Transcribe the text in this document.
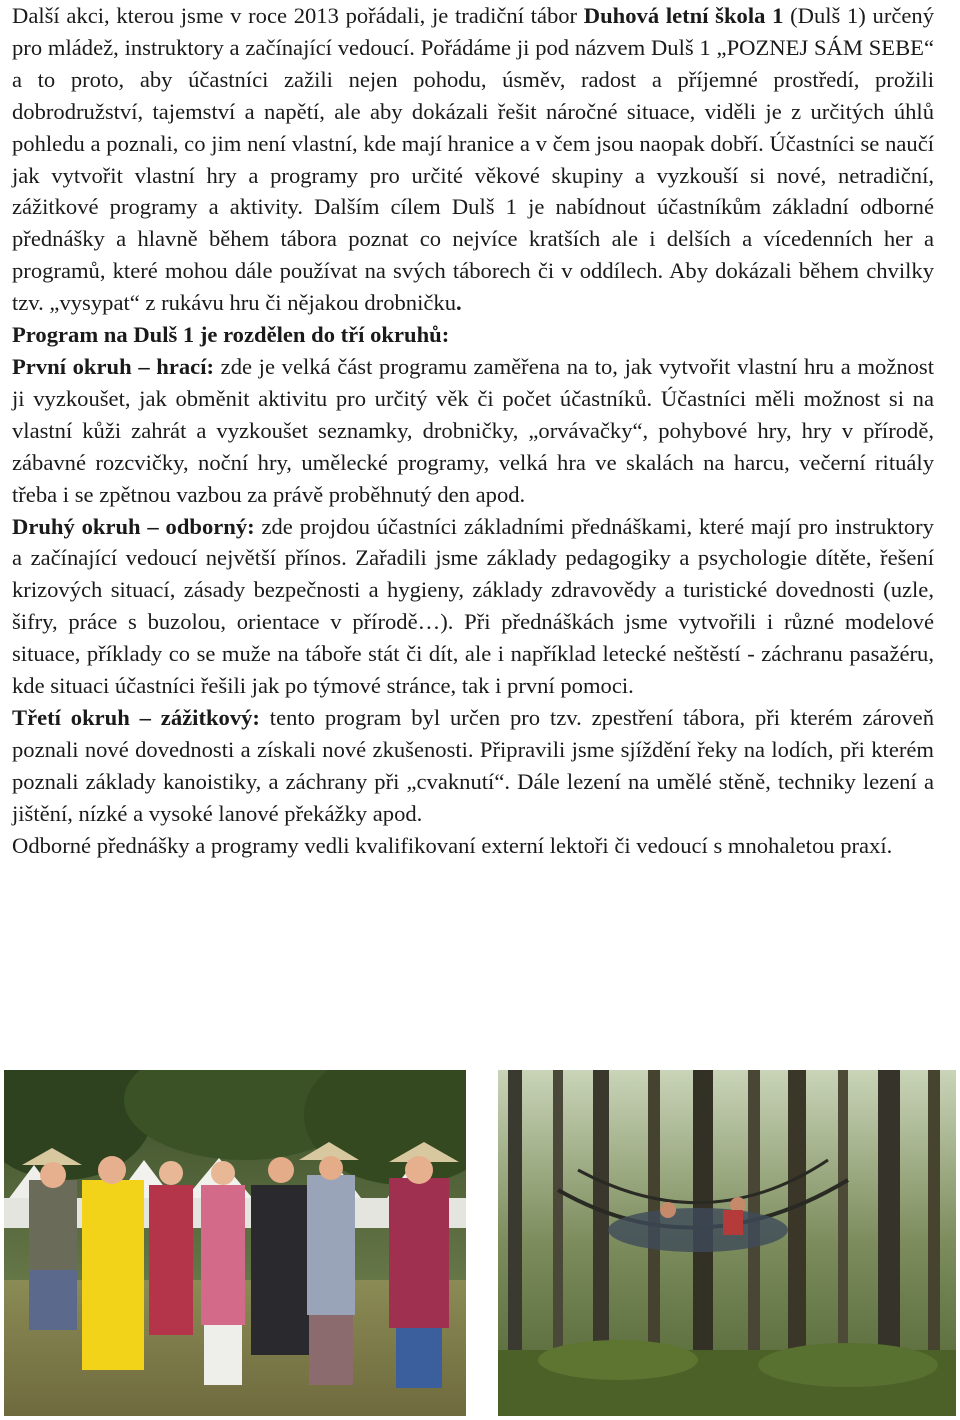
Další akci, kterou jsme v roce 2013 pořádali, je tradiční tábor Duhová letní škola 1 (Dulš 1) určený pro mládež, instruktory a začínající vedoucí. Pořádáme ji pod názvem Dulš 1 „POZNEJ SÁM SEBE“ a to proto, aby účastníci zažili nejen pohodu, úsměv, radost a příjemné prostředí, prožili dobrodružství, tajemství a napětí, ale aby dokázali řešit náročné situace, viděli je z určitých úhlů pohledu a poznali, co jim není vlastní, kde mají hranice a v čem jsou naopak dobří. Účastníci se naučí jak vytvořit vlastní hry a programy pro určité věkové skupiny a vyzkouší si nové, netradiční, zážitkové programy a aktivity. Dalším cílem Dulš 1 je nabídnout účastníkům základní odborné přednášky a hlavně během tábora poznat co nejvíce kratších ale i delších a vícedenních her a programů, které mohou dále používat na svých táborech či v oddílech. Aby dokázali během chvilky tzv. „vysypat“ z rukávu hru či nějakou drobničku.

Program na Dulš 1 je rozdělen do tří okruhů:

První okruh – hrací: zde je velká část programu zaměřena na to, jak vytvořit vlastní hru a možnost ji vyzkoušet, jak obměnit aktivitu pro určitý věk či počet účastníků. Účastníci měli možnost si na vlastní kůži zahrát a vyzkoušet seznamky, drobničky, „orvávačky“, pohybové hry, hry v přírodě, zábavné rozcvičky, noční hry, umělecké programy, velká hra ve skalách na harcu, večerní rituály třeba i se zpětnou vazbou za právě proběhnutý den apod.

Druhý okruh – odborný: zde projdou účastníci základními přednáškami, které mají pro instruktory a začínající vedoucí největší přínos. Zařadili jsme základy pedagogiky a psychologie dítěte, řešení krizových situací, zásady bezpečnosti a hygieny, základy zdravovědy a turistické dovednosti (uzle, šifry, práce s buzolou, orientace v přírodě…). Při přednáškách jsme vytvořili i různé modelové situace, příklady co se muže na táboře stát či dít, ale i například letecké neštěstí - záchranu pasažéru, kde situaci účastníci řešili jak po týmové stránce, tak i první pomoci.

Třetí okruh – zážitkový: tento program byl určen pro tzv. zpestření tábora, při kterém zároveň poznali nové dovednosti a získali nové zkušenosti. Připravili jsme sjíždění řeky na lodích, při kterém poznali základy kanoistiky, a záchrany při „cvaknutí“. Dále lezení na umělé stěně, techniky lezení a jištění, nízké a vysoké lanové překážky apod.

Odborné přednášky a programy vedli kvalifikovaní externí lektoři či vedoucí s mnohaletou praxí.
